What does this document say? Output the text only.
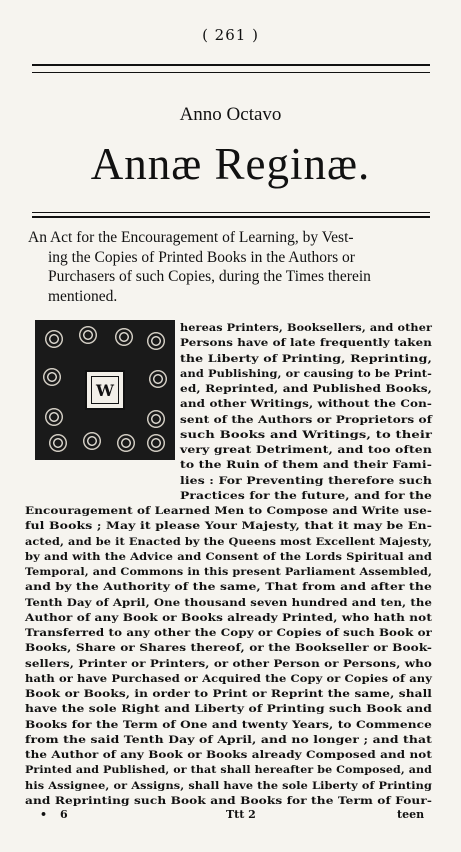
( 261 )
Anno Octavo
Annæ Reginæ.
An Act for the Encouragement of Learning, by Vest-
ing the Copies of Printed Books in the Authors or
Purchasers of such Copies, during the Times therein
mentioned.
W
hereas Printers, Booksellers, and other
Persons have of late frequently taken
the Liberty of Printing, Reprinting,
and Publishing, or causing to be Print-
ed, Reprinted, and Published Books,
and other Writings, without the Con-
sent of the Authors or Proprietors of
such Books and Writings, to their
very great Detriment, and too often
to the Ruin of them and their Fami-
lies : For Preventing therefore such
Practices for the future, and for the
Encouragement of Learned Men to Compose and Write use-
ful Books ; May it please Your Majesty, that it may be En-
acted, and be it Enacted by the Queens most Excellent Majesty,
by and with the Advice and Consent of the Lords Spiritual and
Temporal, and Commons in this present Parliament Assembled,
and by the Authority of the same, That from and after the
Tenth Day of April, One thousand seven hundred and ten, the
Author of any Book or Books already Printed, who hath not
Transferred to any other the Copy or Copies of such Book or
Books, Share or Shares thereof, or the Bookseller or Book-
sellers, Printer or Printers, or other Person or Persons, who
hath or have Purchased or Acquired the Copy or Copies of any
Book or Books, in order to Print or Reprint the same, shall
have the sole Right and Liberty of Printing such Book and
Books for the Term of One and twenty Years, to Commence
from the said Tenth Day of April, and no longer ; and that
the Author of any Book or Books already Composed and not
Printed and Published, or that shall hereafter be Composed, and
his Assignee, or Assigns, shall have the sole Liberty of Printing
and Reprinting such Book and Books for the Term of Four-
• 6	Ttt 2	teen
